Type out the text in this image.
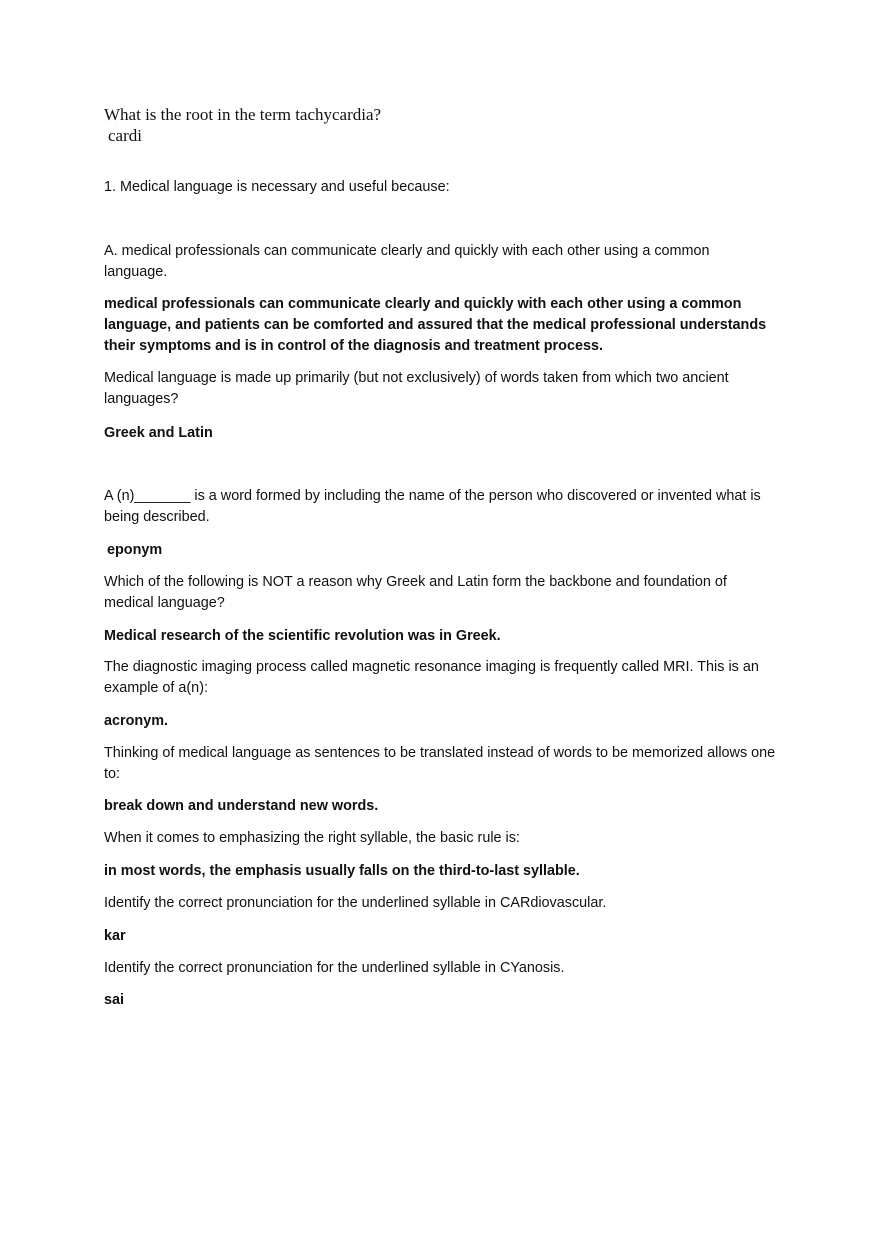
What is the root in the term tachycardia?
cardi

1. Medical language is necessary and useful because:

A. medical professionals can communicate clearly and quickly with each other using a common language.

medical professionals can communicate clearly and quickly with each other using a common language, and patients can be comforted and assured that the medical professional understands their symptoms and is in control of the diagnosis and treatment process.

Medical language is made up primarily (but not exclusively) of words taken from which two ancient languages?

Greek and Latin

A (n)_______ is a word formed by including the name of the person who discovered or invented what is being described.

eponym

Which of the following is NOT a reason why Greek and Latin form the backbone and foundation of medical language?

Medical research of the scientific revolution was in Greek.

The diagnostic imaging process called magnetic resonance imaging is frequently called MRI. This is an example of a(n):

acronym.

Thinking of medical language as sentences to be translated instead of words to be memorized allows one to:

break down and understand new words.

When it comes to emphasizing the right syllable, the basic rule is:

in most words, the emphasis usually falls on the third-to-last syllable.

Identify the correct pronunciation for the underlined syllable in CARdiovascular.

kar

Identify the correct pronunciation for the underlined syllable in CYanosis.

sai
